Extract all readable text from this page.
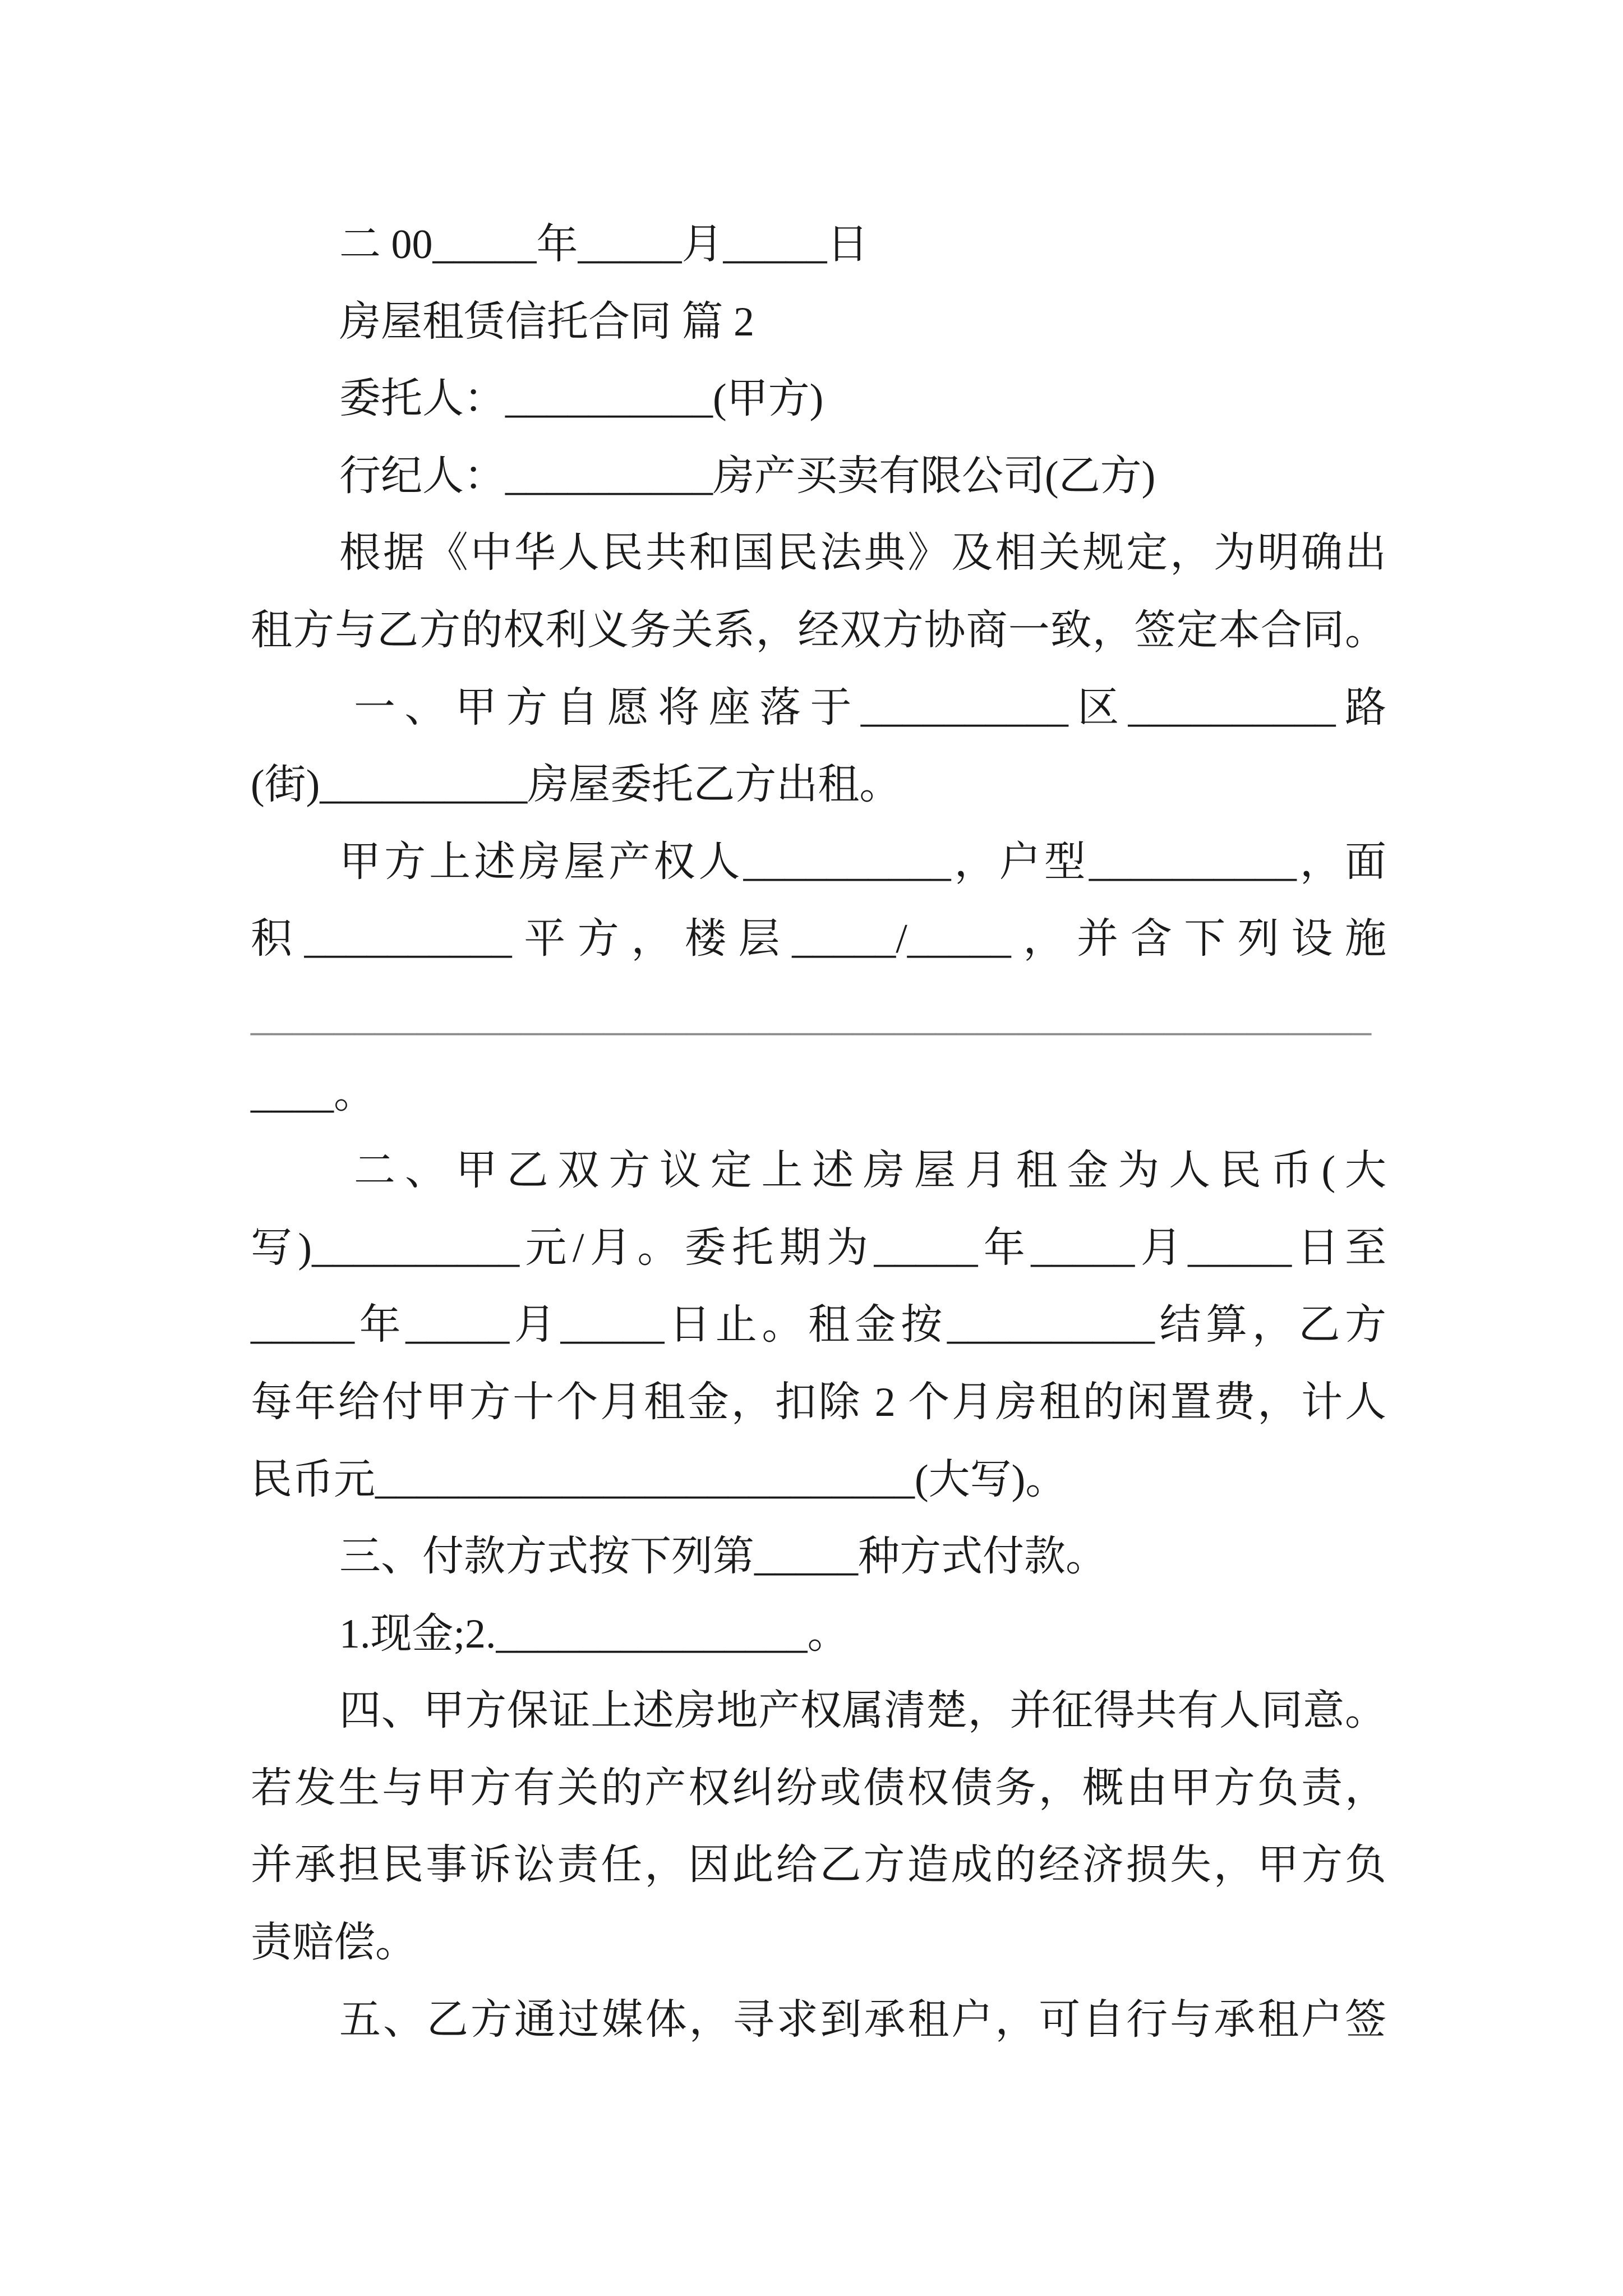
二 00_____年_____月_____日
房屋租赁信托合同 篇 2
委托人：__________(甲方)
行纪人：__________房产买卖有限公司(乙方)
根据《中华人民共和国民法典》及相关规定，为明确出
租方与乙方的权利义务关系，经双方协商一致，签定本合同。
一、甲方自愿将座落于__________区__________路
(街)__________房屋委托乙方出租。
甲方上述房屋产权人__________，户型__________，面
积__________平方，楼层_____/_____，并含下列设施
______________________________________________________
____。
二、甲乙双方议定上述房屋月租金为人民币(大
写)__________元/月。委托期为_____年_____月_____日至
_____年_____月_____日止。租金按__________结算，乙方
每年给付甲方十个月租金，扣除 2 个月房租的闲置费，计人
民币元__________________________(大写)。
三、付款方式按下列第_____种方式付款。
1.现金;2._______________。
四、甲方保证上述房地产权属清楚，并征得共有人同意。
若发生与甲方有关的产权纠纷或债权债务，概由甲方负责，
并承担民事诉讼责任，因此给乙方造成的经济损失，甲方负
责赔偿。
五、乙方通过媒体，寻求到承租户，可自行与承租户签
